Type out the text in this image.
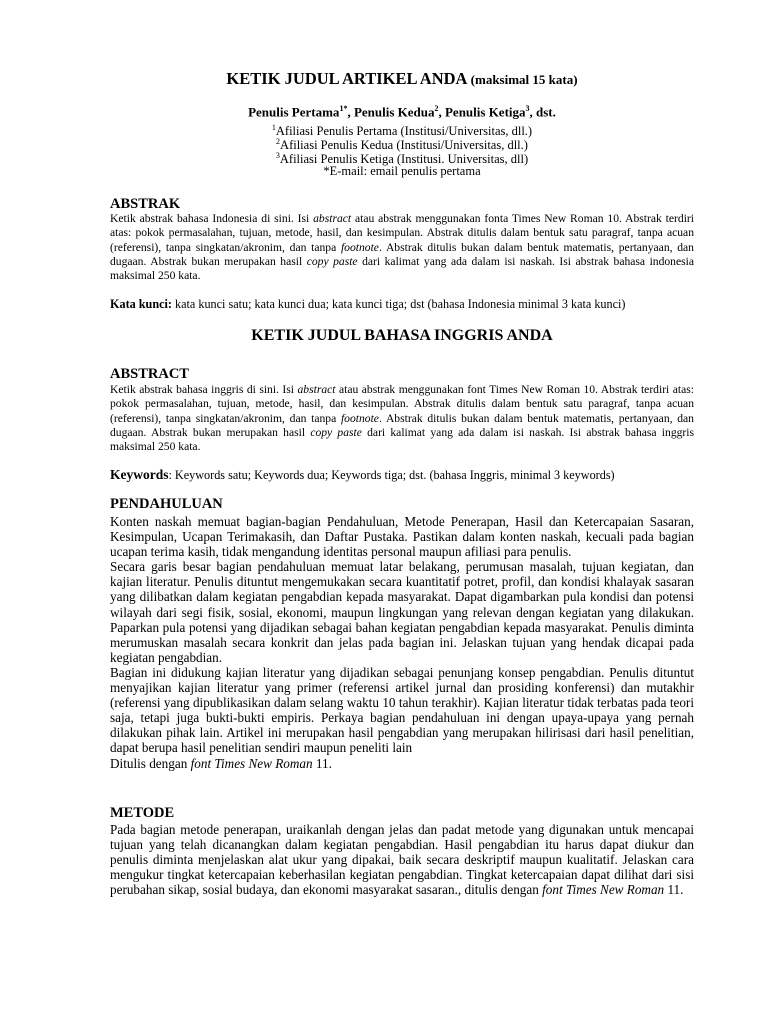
KETIK JUDUL ARTIKEL ANDA (maksimal 15 kata)
Penulis Pertama$^{1*}$, Penulis Kedua$^2$, Penulis Ketiga$^3$, dst.
$^1$Afiliasi Penulis Pertama (Institusi/Universitas, dll.)
$^2$Afiliasi Penulis Kedua (Institusi/Universitas, dll.)
$^3$Afiliasi Penulis Ketiga (Institusi. Universitas, dll)
*E-mail: email penulis pertama
ABSTRAK
Ketik abstrak bahasa Indonesia di sini. Isi abstract atau abstrak menggunakan fonta Times New Roman 10. Abstrak terdiri atas: pokok permasalahan, tujuan, metode, hasil, dan kesimpulan. Abstrak ditulis dalam bentuk satu paragraf, tanpa acuan (referensi), tanpa singkatan/akronim, dan tanpa footnote. Abstrak ditulis bukan dalam bentuk matematis, pertanyaan, dan dugaan. Abstrak bukan merupakan hasil copy paste dari kalimat yang ada dalam isi naskah. Isi abstrak bahasa indonesia maksimal 250 kata.
Kata kunci: kata kunci satu; kata kunci dua; kata kunci tiga; dst (bahasa Indonesia minimal 3 kata kunci)
KETIK JUDUL BAHASA INGGRIS ANDA
ABSTRACT
Ketik abstrak bahasa inggris di sini. Isi abstract atau abstrak menggunakan font Times New Roman 10. Abstrak terdiri atas: pokok permasalahan, tujuan, metode, hasil, dan kesimpulan. Abstrak ditulis dalam bentuk satu paragraf, tanpa acuan (referensi), tanpa singkatan/akronim, dan tanpa footnote. Abstrak ditulis bukan dalam bentuk matematis, pertanyaan, dan dugaan. Abstrak bukan merupakan hasil copy paste dari kalimat yang ada dalam isi naskah. Isi abstrak bahasa inggris maksimal 250 kata.
Keywords: Keywords satu; Keywords dua; Keywords tiga; dst. (bahasa Inggris, minimal 3 keywords)
PENDAHULUAN

Konten naskah memuat bagian-bagian Pendahuluan, Metode Penerapan, Hasil dan Ketercapaian Sasaran, Kesimpulan, Ucapan Terimakasih, dan Daftar Pustaka. Pastikan dalam konten naskah, kecuali pada bagian ucapan terima kasih, tidak mengandung identitas personal maupun afiliasi para penulis.

Secara garis besar bagian pendahuluan memuat latar belakang, perumusan masalah, tujuan kegiatan, dan kajian literatur. Penulis dituntut mengemukakan secara kuantitatif potret, profil, dan kondisi khalayak sasaran yang dilibatkan dalam kegiatan pengabdian kepada masyarakat. Dapat digambarkan pula kondisi dan potensi wilayah dari segi fisik, sosial, ekonomi, maupun lingkungan yang relevan dengan kegiatan yang dilakukan. Paparkan pula potensi yang dijadikan sebagai bahan kegiatan pengabdian kepada masyarakat. Penulis diminta merumuskan masalah secara konkrit dan jelas pada bagian ini. Jelaskan tujuan yang hendak dicapai pada kegiatan pengabdian.

Bagian ini didukung kajian literatur yang dijadikan sebagai penunjang konsep pengabdian. Penulis dituntut menyajikan kajian literatur yang primer (referensi artikel jurnal dan prosiding konferensi) dan mutakhir (referensi yang dipublikasikan dalam selang waktu 10 tahun terakhir). Kajian literatur tidak terbatas pada teori saja, tetapi juga bukti-bukti empiris. Perkaya bagian pendahuluan ini dengan upaya-upaya yang pernah dilakukan pihak lain. Artikel ini merupakan hasil pengabdian yang merupakan hilirisasi dari hasil penelitian, dapat berupa hasil penelitian sendiri maupun peneliti lain

Ditulis dengan font Times New Roman 11.

METODE

Pada bagian metode penerapan, uraikanlah dengan jelas dan padat metode yang digunakan untuk mencapai tujuan yang telah dicanangkan dalam kegiatan pengabdian. Hasil pengabdian itu harus dapat diukur dan penulis diminta menjelaskan alat ukur yang dipakai, baik secara deskriptif maupun kualitatif. Jelaskan cara mengukur tingkat ketercapaian keberhasilan kegiatan pengabdian. Tingkat ketercapaian dapat dilihat dari sisi perubahan sikap, sosial budaya, dan ekonomi masyarakat sasaran., ditulis dengan font Times New Roman 11.
